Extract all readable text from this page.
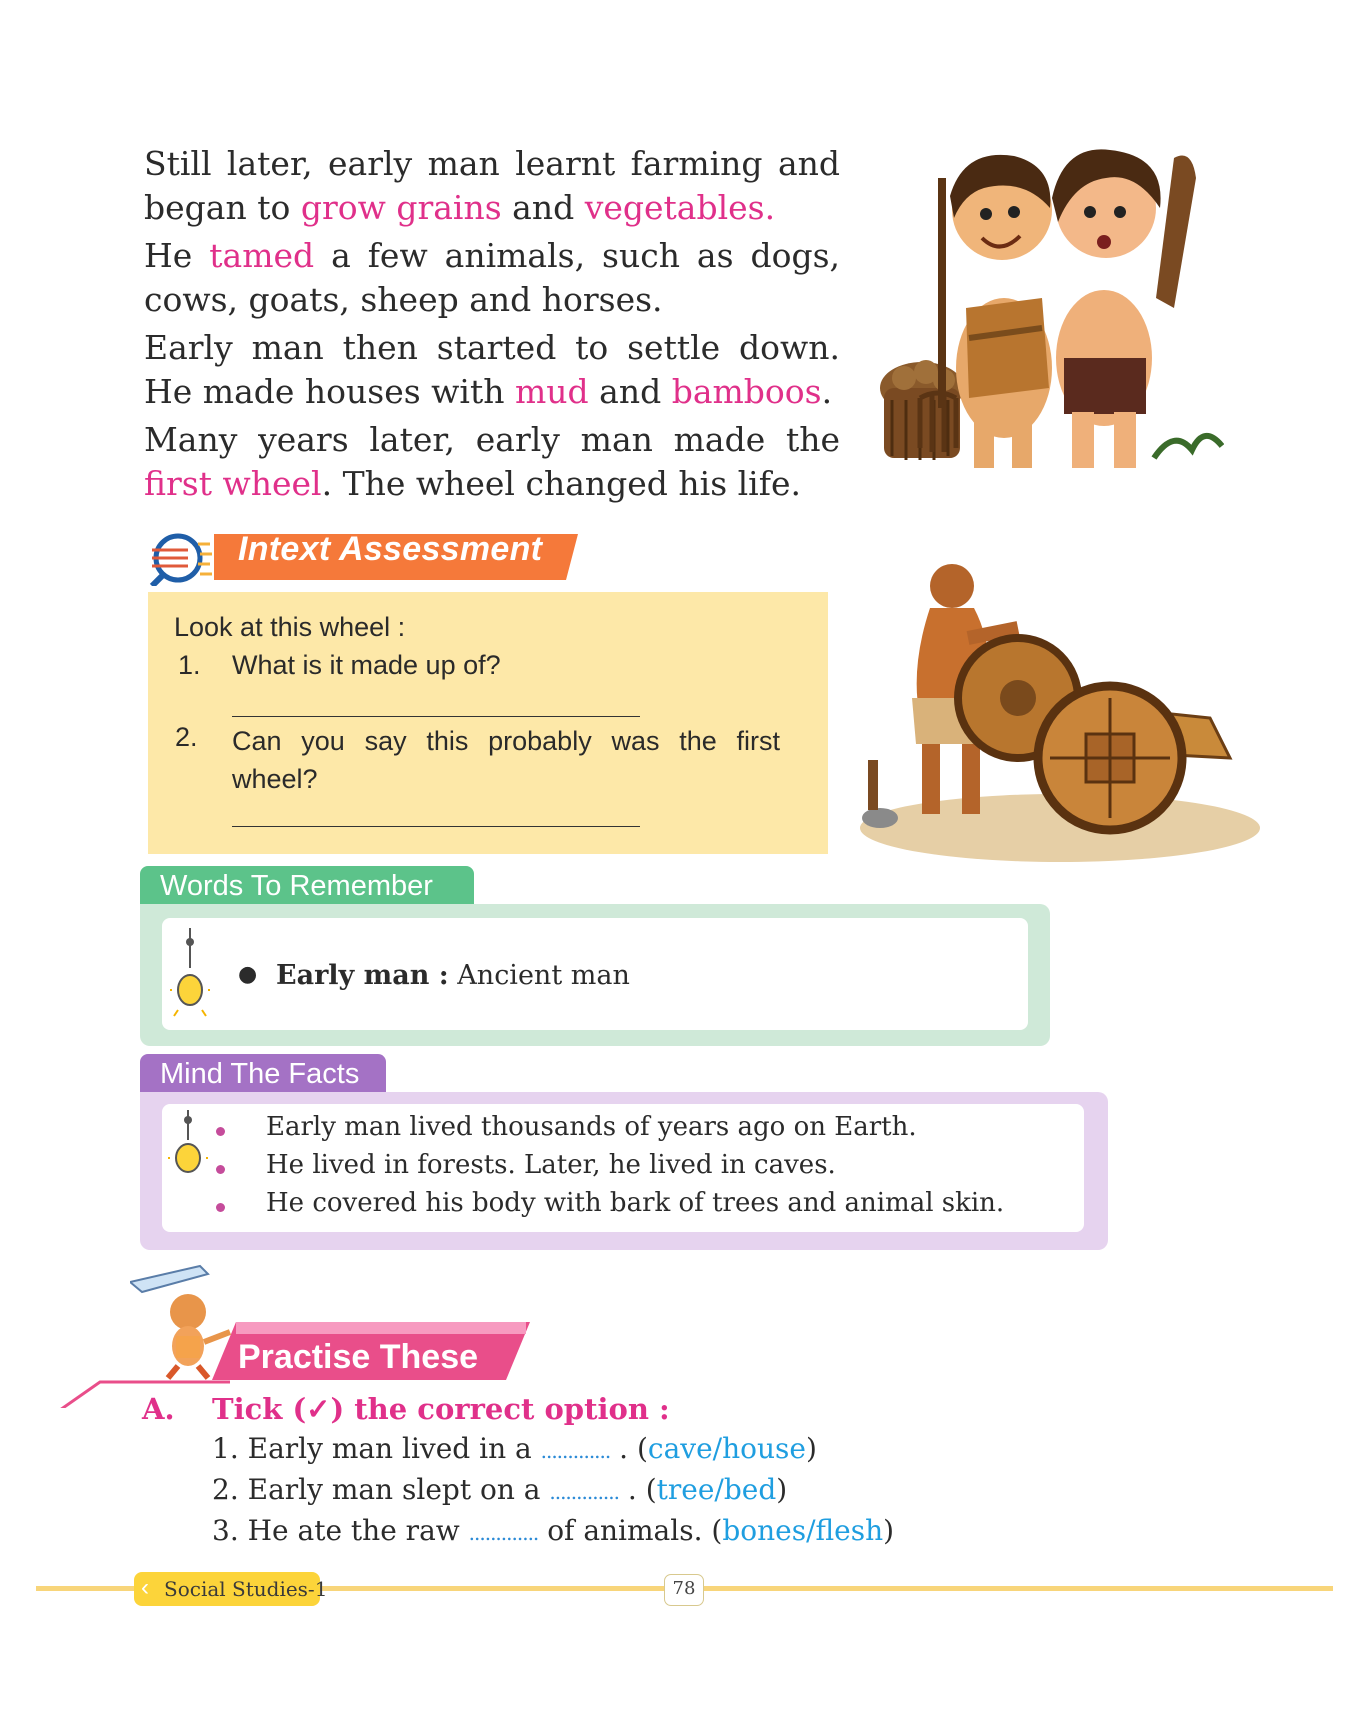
Still later, early man learnt farming and began to grow grains and vegetables.

He tamed a few animals, such as dogs, cows, goats, sheep and horses.

Early man then started to settle down. He made houses with mud and bamboos.

Many years later, early man made the first wheel. The wheel changed his life.

Intext Assessment
Look at this wheel :
1. What is it made up of?
2. Can you say this probably was the first wheel?
Words To Remember
● Early man : Ancient man
Mind The Facts
Early man lived thousands of years ago on Earth.
He lived in forests. Later, he lived in caves.
He covered his body with bark of trees and animal skin.
Practise These
A. Tick (✓) the correct option :
1. Early man lived in a ............. . (cave/house)
2. Early man slept on a ............. . (tree/bed)
3. He ate the raw ............. of animals. (bones/flesh)
‹ Social Studies-1	78
